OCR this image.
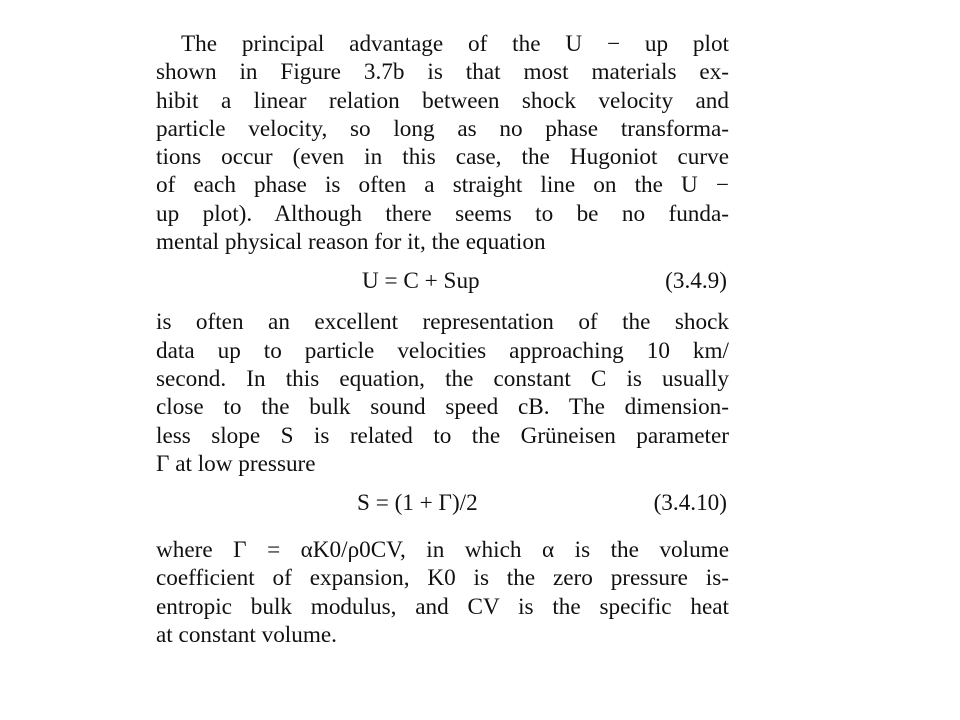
The principal advantage of the U − up plot
shown in Figure 3.7b is that most materials ex-
hibit a linear relation between shock velocity and
particle velocity, so long as no phase transforma-
tions occur (even in this case, the Hugoniot curve
of each phase is often a straight line on the U −
up plot). Although there seems to be no funda-
mental physical reason for it, the equation
U = C + Sup	(3.4.9)
is often an excellent representation of the shock
data up to particle velocities approaching 10 km/
second. In this equation, the constant C is usually
close to the bulk sound speed cB. The dimension-
less slope S is related to the Grüneisen parameter
Γ at low pressure
S = (1 + Γ)/2	(3.4.10)
where Γ = αK0/ρ0CV, in which α is the volume
coefficient of expansion, K0 is the zero pressure is-
entropic bulk modulus, and CV is the specific heat
at constant volume.
